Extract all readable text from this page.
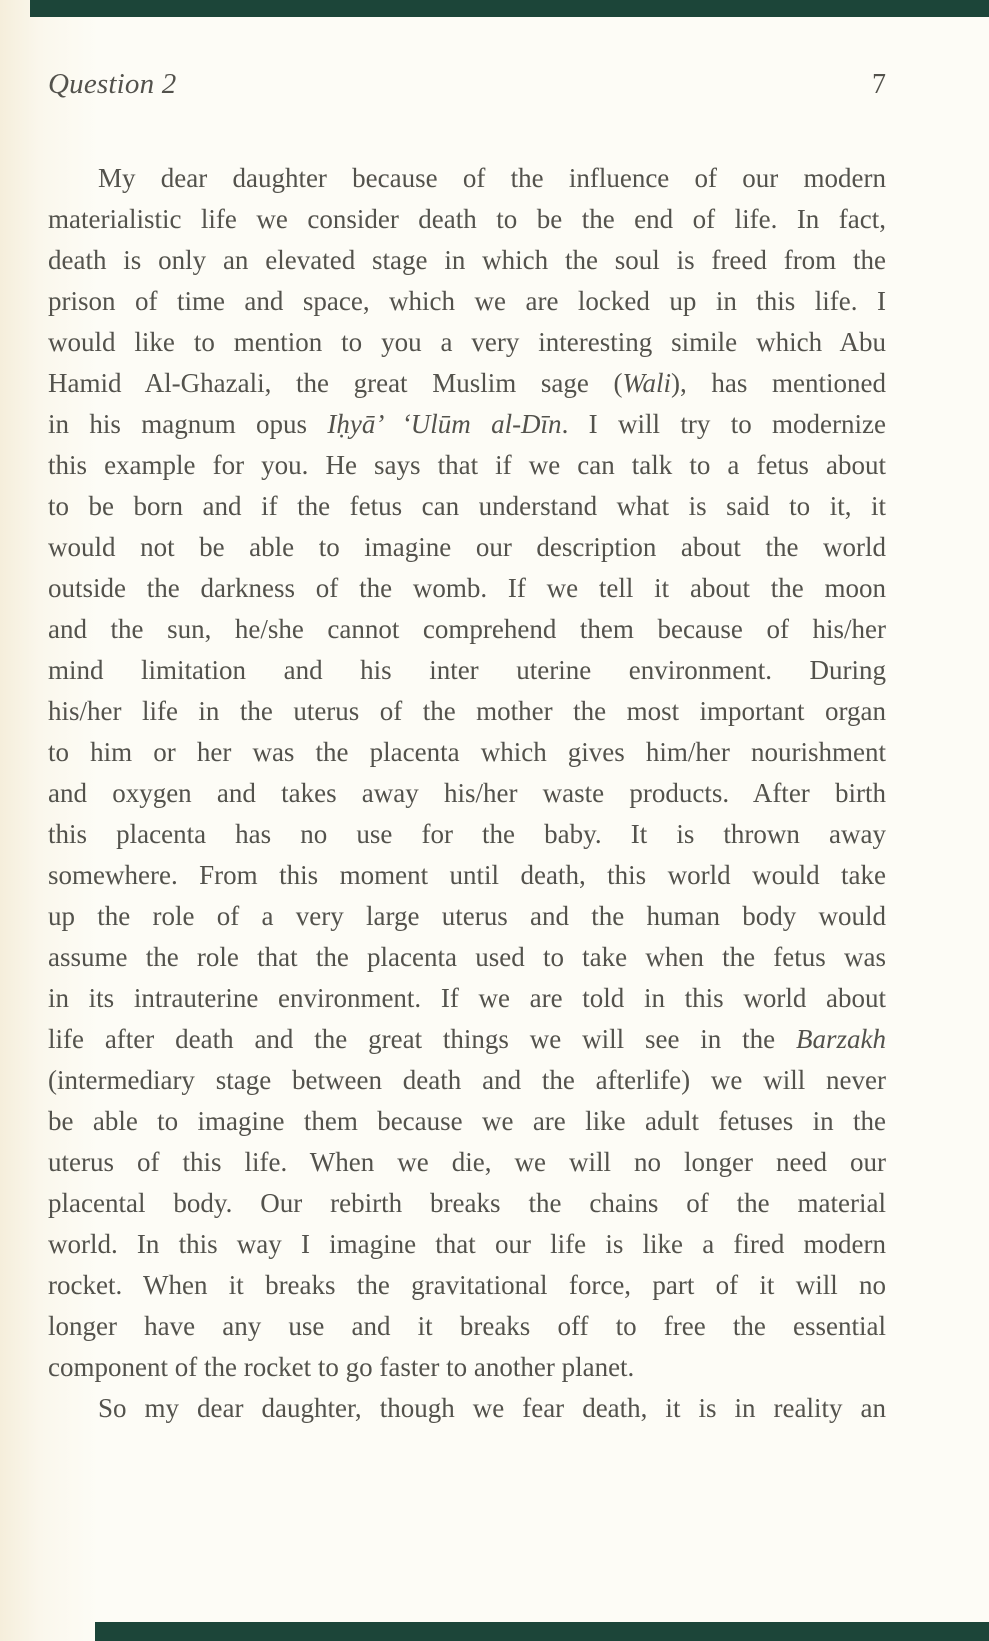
Question 2	7
My dear daughter because of the influence of our modern
materialistic life we consider death to be the end of life. In fact,
death is only an elevated stage in which the soul is freed from the
prison of time and space, which we are locked up in this life. I
would like to mention to you a very interesting simile which Abu
Hamid Al-Ghazali, the great Muslim sage (Wali), has mentioned
in his magnum opus Iḥyā’ ‘Ulūm al-Dīn. I will try to modernize
this example for you. He says that if we can talk to a fetus about
to be born and if the fetus can understand what is said to it, it
would not be able to imagine our description about the world
outside the darkness of the womb. If we tell it about the moon
and the sun, he/she cannot comprehend them because of his/her
mind limitation and his inter uterine environment. During
his/her life in the uterus of the mother the most important organ
to him or her was the placenta which gives him/her nourishment
and oxygen and takes away his/her waste products. After birth
this placenta has no use for the baby. It is thrown away
somewhere. From this moment until death, this world would take
up the role of a very large uterus and the human body would
assume the role that the placenta used to take when the fetus was
in its intrauterine environment. If we are told in this world about
life after death and the great things we will see in the Barzakh
(intermediary stage between death and the afterlife) we will never
be able to imagine them because we are like adult fetuses in the
uterus of this life. When we die, we will no longer need our
placental body. Our rebirth breaks the chains of the material
world. In this way I imagine that our life is like a fired modern
rocket. When it breaks the gravitational force, part of it will no
longer have any use and it breaks off to free the essential
component of the rocket to go faster to another planet.
So my dear daughter, though we fear death, it is in reality an
